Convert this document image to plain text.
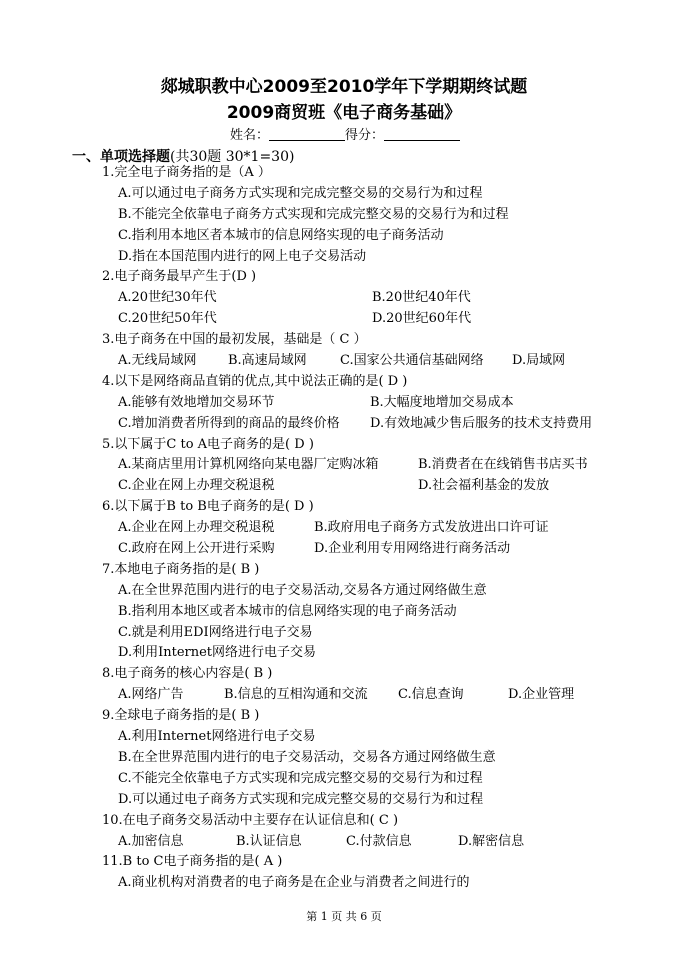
郯城职教中心2009至2010学年下学期期终试题
2009商贸班《电子商务基础》
姓名：	得分：
一、单项选择题(共30题 30*1=30)
1.完全电子商务指的是（A ）
A.可以通过电子商务方式实现和完成完整交易的交易行为和过程
B.不能完全依靠电子商务方式实现和完成完整交易的交易行为和过程
C.指利用本地区者本城市的信息网络实现的电子商务活动
D.指在本国范围内进行的网上电子交易活动
2.电子商务最早产生于(D )
A.20世纪30年代	B.20世纪40年代
C.20世纪50年代	D.20世纪60年代
3.电子商务在中国的最初发展，基础是（ C ）
A.无线局域网 B.高速局域网	C.国家公共通信基础网络 D.局域网
4.以下是网络商品直销的优点,其中说法正确的是( D )
A.能够有效地增加交易环节	B.大幅度地增加交易成本
C.增加消费者所得到的商品的最终价格 D.有效地减少售后服务的技术支持费用
5.以下属于C to A电子商务的是( D )
A.某商店里用计算机网络向某电器厂定购冰箱	B.消费者在在线销售书店买书
C.企业在网上办理交税退税	D.社会福利基金的发放
6.以下属于B to B电子商务的是( D )
A.企业在网上办理交税退税	B.政府用电子商务方式发放进出口许可证
C.政府在网上公开进行采购	D.企业利用专用网络进行商务活动
7.本地电子商务指的是( B )
A.在全世界范围内进行的电子交易活动,交易各方通过网络做生意
B.指利用本地区或者本城市的信息网络实现的电子商务活动
C.就是利用EDI网络进行电子交易
D.利用Internet网络进行电子交易
8.电子商务的核心内容是( B )
A.网络广告	B.信息的互相沟通和交流 C.信息查询	D.企业管理
9.全球电子商务指的是( B )
A.利用Internet网络进行电子交易
B.在全世界范围内进行的电子交易活动，交易各方通过网络做生意
C.不能完全依靠电子方式实现和完成完整交易的交易行为和过程
D.可以通过电子商务方式实现和完成完整交易的交易行为和过程
10.在电子商务交易活动中主要存在认证信息和( C )
A.加密信息	B.认证信息	C.付款信息	D.解密信息
11.B to C电子商务指的是( A )
A.商业机构对消费者的电子商务是在企业与消费者之间进行的
第 1 页 共 6 页
